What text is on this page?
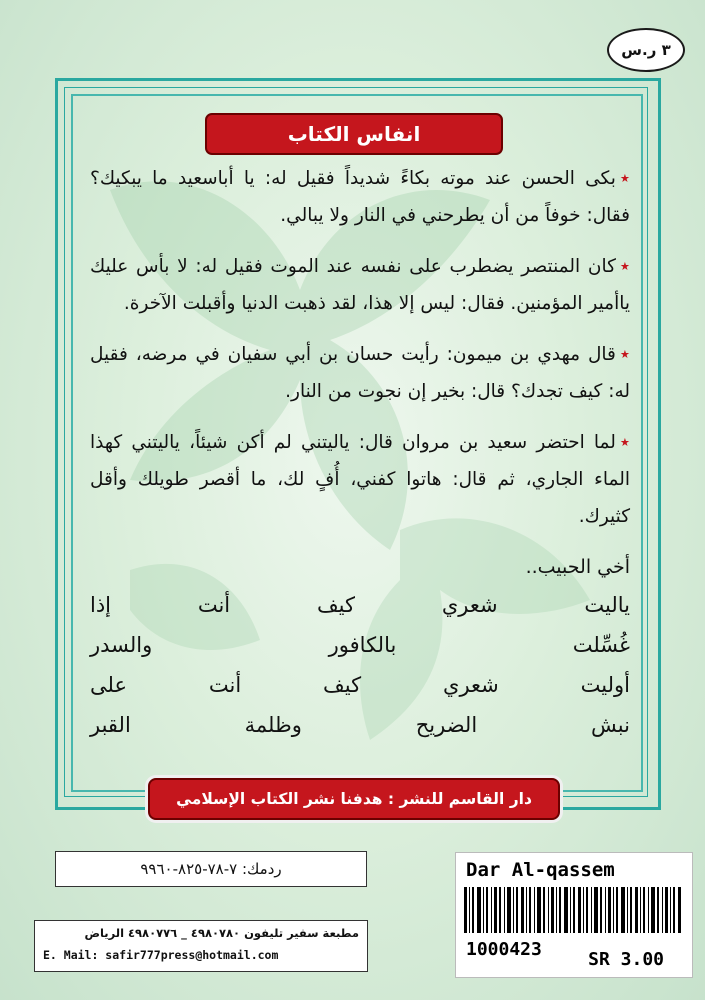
٣ ر.س
انفاس الكتاب

٭بكى الحسن عند موته بكاءً شديداً فقيل له: يا أباسعيد ما يبكيك؟ فقال: خوفاً من أن يطرحني في النار ولا يبالي.

٭كان المنتصر يضطرب على نفسه عند الموت فقيل له: لا بأس عليك ياأمير المؤمنين. فقال: ليس إلا هذا، لقد ذهبت الدنيا وأقبلت الآخرة.

٭قال مهدي بن ميمون: رأيت حسان بن أبي سفيان في مرضه، فقيل له: كيف تجدك؟ قال: بخير إن نجوت من النار.

٭لما احتضر سعيد بن مروان قال: ياليتني لم أكن شيئاً، ياليتني كهذا الماء الجاري، ثم قال: هاتوا كفني، أُفٍ لك، ما أقصر طويلك وأقل كثيرك.

أخي الحبيب..

ياليت شعري كيف أنت إذا

غُسِّلت بالكافور والسدر

أوليت شعري كيف أنت على

نبش الضريح وظلمة القبر

دار القاسم للنشر : هدفنا نشر الكتاب الإسلامي
ردمك: ٧-٧٨-٨٢٥-٩٩٦٠
مطبعة سفير تليفون ٤٩٨٠٧٨٠ _ ٤٩٨٠٧٧٦ الرياض
E. Mail: safir777press@hotmail.com
Dar Al-qassem
1000423	SR 3.00
